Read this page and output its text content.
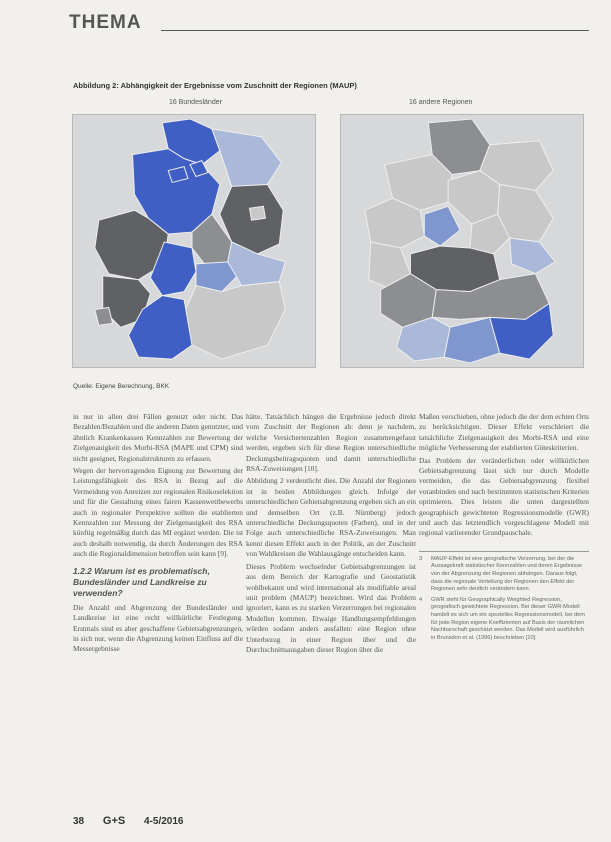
THEMA
Abbildung 2: Abhängigkeit der Ergebnisse vom Zuschnitt der Regionen (MAUP)
16 Bundesländer	16 andere Regionen
Quelle: Eigene Berechnung, BKK

in nur in allen drei Fällen genutzt oder nicht. Das Bezahlen/Bezahlen und die anderen Daten genutzter, und ähnlich Krankenkassen Kennzahlen zur Bewertung der Zielgenauigkeit des Morbi-RSA (MAPE und CPM) sind nicht geeignet, Regionalstrukturen zu erfassen.

Wegen der hervorragenden Eignung zur Bewertung der Leistungsfähigkeit des RSA in Bezug auf die Vermeidung von Anreizen zur regionalen Risikoselektion und für die Gestaltung eines fairen Kassenwettbewerbs auch in regionaler Perspektive sollten die etablierten Kennzahlen zur Messung der Zielgenauigkeit des RSA künftig regelmäßig durch das MI ergänzt werden. Die ist auch deshalb notwendig, da durch Änderungen des RSA auch die Regionaldimension betroffen sein kann [9].

1.2.2 Warum ist es problematisch, Bundesländer und Landkreise zu verwenden?

Die Anzahl und Abgrenzung der Bundesländer und Landkreise ist eine recht willkürliche Festlegung. Erstmals sind es aber geschaffene Gebietsabgrenzungen, in sich nur, wenn die Abgrenzung keinen Einfluss auf die Messergebnisse

hätte. Tatsächlich hängen die Ergebnisse jedoch direkt vom Zuschnitt der Regionen ab: denn je nachdem, welche Versichertenzahlen Region zusammengefasst werden, ergeben sich für diese Region unterschiedliche Deckungsbeitragsquoten und damit unterschiedliche RSA-Zuweisungen [10].

Abbildung 2 verdeutlicht dies. Die Anzahl der Regionen ist in beiden Abbildungen gleich. Infolge der unterschiedlichen Gebietsabgrenzung ergeben sich an ein und demselben Ort (z.B. Nürnberg) jedoch unterschiedliche Deckungsquoten (Farben), und in der Folge auch unterschiedliche RSA-Zuweisungen. Man kennt diesen Effekt auch in der Politik, an der Zuschnitt von Wahlkreisen die Wahlausgänge entscheiden kann.

Dieses Problem wechselnder Gebietsabgrenzungen ist aus dem Bereich der Kartografie und Geostatistik wohlbekannt und wird international als modifiable areal unit problem (MAUP) bezeichnet. Wird das Problem ignoriert, kann es zu starken Verzerrungen bei regionalen Modellen kommen. Etwaige Handlungsempfehlungen würden sodann anders ausfallen: eine Region ohne Unterbezug in einer Region über und die Durchschnittsausgaben dieser Region über die

Maßen verschieben, ohne jedoch die der dem echten Orts zu berücksichtigen. Dieser Effekt verschleiert die tatsächliche Zielgenauigkeit des Morbi-RSA und eine mögliche Verbesserung der etablierten Güteskriterien.

Das Problem der veränderlichen oder willkürlichen Gebietsabgrenzung lässt sich nur durch Modelle vermeiden, die das Gebietsabgrenzung flexibel voranbinden und nach bestimmten statistischen Kriterien optimieren. Dies leisten die unten dargestellten geographisch gewichteten Regressionsmodelle (GWR) und auch das letztendlich vorgeschlagene Modell mit regional variierender Grundpauschale.

3	MAUP-Effekt ist eine geografische Verzerrung, bei der die Aussagekraft statistischer Kennzahlen und deren Ergebnisse von der Abgrenzung der Regionen abhängen. Daraus folgt, dass die regionale Verteilung der Regionen den Effekt der Regionen sehr deutlich verändern kann.
4	GWR steht für Geographically Weighted Regression, geografisch gewichtete Regression. Bei dieser GWR-Modell handelt es sich um ein spezielles Regressionsmodell, bei dem für jede Region eigene Koeffizienten auf Basis der räumlichen Nachbarschaft geschätzt werden. Das Modell wird ausführlich in Brunsdon et al. (1996) beschrieben [10].
38 G+S 4-5/2016
